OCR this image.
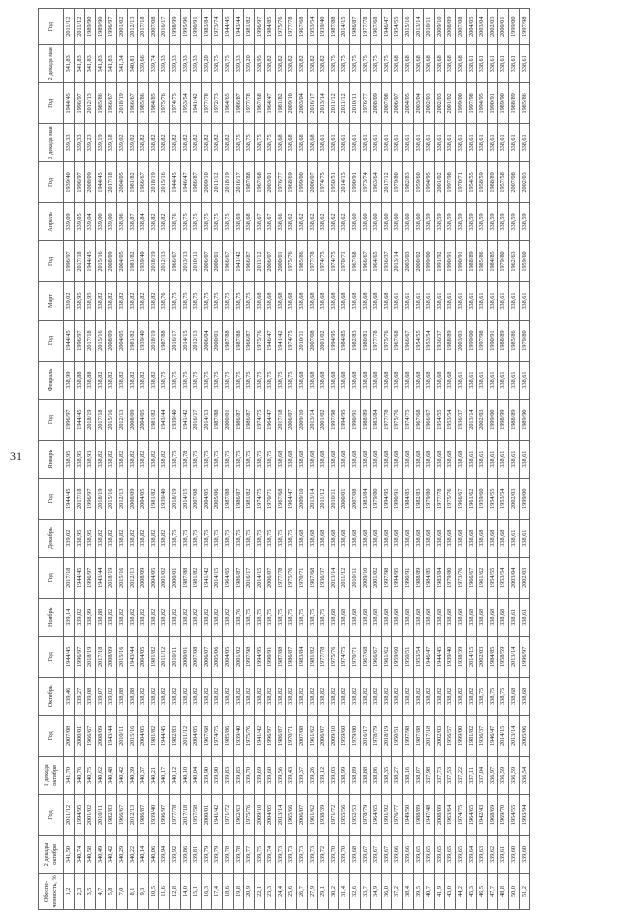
31
Обеспе-ченность, %	2 декады октября	Год	1 декада октября	Год	Октябрь	Год	Ноябрь	Год	Декабрь	Год	Январь	Год	Февраль	Год	Март	Год	Апрель	Год	1 декада мая	Год	2 декада мая	Год
1,2	341,50	2011/12	341,70	2007/08	339,46	1944/45	339,14	2017/18	339,02	1944/45	338,95	1996/97	338,99	1944/45	339,02	1996/97	339,09	1939/40	339,33	1944/45	341,83	2011/12
2,3	340,74	1994/95	340,76	2000/01	339,27	1996/97	339,02	1944/45	338,95	2017/18	338,95	1944/45	338,88	1996/97	338,95	2017/18	339,05	1996/97	339,33	1996/97	341,83	2011/12
3,5	340,58	2001/02	340,75	1966/67	339,08	2018/19	338,99	1996/97	338,95	1996/97	338,93	2018/19	338,88	2017/18	338,95	1944/45	339,04	2008/09	339,23	2012/13	341,83	1989/90
4,7	340,49	2010/11	340,62	2008/09	339,07	2017/18	338,88	1943/44	338,82	2018/19	338,82	2017/18	338,82	2015/16	338,82	2015/16	339,00	1944/45	339,19	1985/86	341,83	1989/90
5,8	340,42	1982/83	340,48	1943/44	339,02	2008/09	338,82	2018/19	338,82	2015/16	338,82	2015/16	338,82	2008/09	338,82	2008/09	339,00	2017/18	339,18	1966/67	341,83	1996/97
7,0	340,29	1966/67	340,42	2010/11	338,88	2015/16	338,82	2015/16	338,82	2012/13	338,82	2012/13	338,82	2004/05	338,82	2004/05	338,96	2004/05	339,02	2018/19	341,34	2001/02
8,1	340,22	2012/13	340,39	2015/16	338,88	1943/44	338,82	2012/13	338,82	2008/09	338,82	2008/09	338,82	1981/82	338,82	1981/82	338,87	1981/82	339,02	1966/67	340,81	2012/13
9,3	340,14	1986/87	340,37	2004/05	338,82	2004/05	338,82	2008/09	338,82	2004/05	338,82	2004/05	338,82	1939/40	338,82	1939/40	338,84	1966/67	338,82	1985/86	339,66	2017/18
10,5	340,06	1939/40	340,21	1981/82	338,82	1981/82	338,82	2004/05	338,82	1981/82	338,82	1981/82	338,82	2018/19	338,82	2018/19	338,82	2018/19	338,82	1984/85	339,74	2007/08
11,6	339,94	1996/97	340,17	1944/45	338,82	2011/12	338,82	2001/02	338,82	1939/40	338,82	1943/44	338,75	1987/88	338,76	2012/13	338,82	2015/16	338,82	1975/76	339,33	2016/17
12,8	339,92	1977/78	340,12	1982/83	338,82	2010/11	338,82	2000/01	338,75	2018/19	338,75	1939/40	338,75	2016/17	338,75	1966/67	338,76	1944/45	338,82	1974/75	339,33	1998/99
14,0	339,86	2017/18	340,10	2011/12	338,82	2000/01	338,82	1987/88	338,75	2014/15	338,78	1941/42	338,75	2014/15	338,75	2013/13	338,75	1946/47	338,82	1953/54	339,33	1995/96
15,1	339,81	1957/58	340,04	2004/05	338,82	2007/08	338,82	1981/82	338,75	2007/08	338,75	2016/17	338,75	2012/13	338,75	2010/11	338,75	1986/87	338,82	1941/42	339,33	1990/91
16,3	339,79	2000/01	339,90	1967/68	338,82	2006/07	338,82	1941/42	338,75	2004/05	338,75	2014/13	338,75	2006/04	338,75	2006/07	338,75	2009/10	338,82	1977/78	339,20	1983/84
17,4	339,79	1941/42	339,90	1974/75	338,82	2005/06	338,82	2014/15	338,75	2005/06	338,75	1987/88	338,75	2000/01	338,75	2000/01	338,75	2011/12	338,82	1972/73	338,75	1973/74
18,6	339,78	1971/72	339,83	1985/86	338,82	2004/05	338,82	1964/65	338,75	1987/88	338,75	2000/01	338,75	1987/88	338,75	1966/67	338,75	2018/19	338,82	1964/65	338,75	1944/45
19,8	339,78	1962/63	339,83	1939/40	338,82	2001/02	338,76	1986/87	338,75	1986/87	338,75	1986/87	338,75	1987/88	338,75	1941/42	338,69	2016/17	338,75	1986/87	339,33	1943/44
20,9	339,77	1975/76	339,70	1975/76	338,82	1997/98	338,75	2016/17	338,75	1981/82	338,75	1986/87	338,75	1966/87	338,75	1966/87	338,68	1987/88	338,75	1977/78	339,20	1981/82
22,1	339,75	2009/10	339,69	1941/42	338,82	1994/95	338,75	2014/15	338,75	1974/75	338,75	1974/75	338,75	1975/76	338,68	2011/12	338,67	1967/68	338,75	1967/68	338,95	1996/97
23,3	339,74	2004/05	339,60	1996/97	338,82	1990/91	338,75	2006/07	338,75	1970/71	338,75	1964/47	338,75	1946/47	338,68	2006/07	338,67	2003/01	338,75	1964/47	338,82	1984/85
24,4	339,73	2013/14	339,56	1986/87	338,82	1987/88	338,75	1977/78	338,75	1967/68	338,68	2017/18	338,75	1941/42	338,68	2000/01	338,66	1976/77	338,68	1981/82	338,82	1975/76
25,6	339,73	1965/66	339,43	1970/71	338,82	1986/87	338,75	1975/76	338,75	1964/47	338,68	2006/07	338,75	1974/75	338,68	1975/76	338,62	1968/69	338,68	2009/10	338,82	1977/78
26,7	339,73	2006/07	339,37	2007/08	338,82	1983/84	338,75	1970/71	338,68	2009/10	338,68	2009/10	338,68	2010/11	338,68	1985/86	338,62	1999/00	338,68	2003/04	338,82	1967/68
27,9	339,73	1961/62	339,26	1961/62	338,82	1981/82	338,75	1967/68	338,68	2013/14	338,68	2013/14	338,68	2007/08	338,68	1977/78	338,62	2006/07	338,68	2016/17	338,82	1953/54
29,1	339,72	1938/39	339,12	2006/07	338,82	1977/78	338,75	1936/37	338,68	2011/12	338,68	2001/02	338,68	2001/02	338,68	1974/75	338,62	1974/75	338,61	2013/14	338,82	1939/40
30,2	339,70	1971/72	339,03	2009/10	338,82	1975/76	338,68	2013/14	338,68	2010/11	338,68	1997/98	338,68	1994/95	338,68	1974/75	338,62	1950/51	338,61	2011/12	338,75	1987/88
31,4	339,70	1955/56	338,99	1959/60	338,82	1974/75	338,68	2011/12	338,68	2000/01	338,68	1994/95	338,68	1984/85	338,68	1970/71	338,62	2014/15	338,61	2011/12	338,75	2014/15
32,6	339,68	1952/53	338,89	1979/80	338,82	1970/71	338,68	2010/11	338,68	2007/08	338,68	1990/91	338,68	1982/83	338,68	1967/68	338,60	1990/91	338,61	2010/11	338,75	1986/87
33,7	339,67	1978/79	338,88	2016/17	338,82	1967/68	338,68	2009/10	338,68	1983/84	338,68	1988/89	338,68	1980/81	338,68	1966/67	338,60	1973/74	338,61	1976/77	338,75	1977/78
34,9	339,67	1964/65	338,86	1978/79	338,82	1966/67	338,68	2001/02	338,68	1979/80	338,68	1983/84	338,68	1977/78	338,68	1964/65	338,60	1963/64	338,61	2008/09	338,75	1967/68
36,0	339,67	1991/92	338,35	2018/19	338,82	1961/62	338,68	1997/98	338,68	1994/95	338,68	1977/78	338,68	1975/76	338,68	1936/37	338,60	2017/12	338,61	2007/08	338,75	1946/47
37,2	339,66	1976/77	338,27	1950/51	338,82	1959/60	338,68	1994/95	338,68	1990/91	338,68	1975/76	338,68	1967/68	338,61	2013/14	338,60	1979/80	338,61	2006/07	338,68	1954/55
38,4	339,66	1949/50	338,16	1997/98	338,82	1950/51	338,68	1990/91	338,68	1984/85	338,68	1974/75	338,68	1966/67	338,61	2003/03	338,60	1982/83	338,61	2004/05	338,68	2015/16
39,5	339,65	1988/89	338,07	1987/88	338,82	1953/54	338,68	1988/89	338,68	1982/83	338,68	1967/68	338,68	1954/55	338,61	2000/02	338,60	1959/60	338,61	2003/04	338,68	2013/14
40,7	339,65	1947/48	337,98	2017/18	338,82	1946/47	338,68	1984/85	338,68	1979/80	338,68	1966/67	338,68	1953/54	338,61	1999/00	338,59	1994/95	338,61	2002/03	338,68	2010/11
41,9	339,65	2008/09	337,73	2002/03	338,82	1944/45	338,68	1983/84	338,68	1977/78	338,68	1954/55	338,68	1936/37	338,61	1991/92	338,59	2001/02	338,61	2002/03	338,68	2009/10
43,0	339,65	1963/64	337,53	1956/57	338,82	1939/40	338,68	1979/80	338,68	1975/76	338,68	1953/54	338,68	1988/89	338,61	1990/91	338,59	1997/98	338,61	2001/02	338,68	2008/09
44,2	339,65	1974/75	337,22	1999/00	338,82	1938/39	338,68	1973/76	338,68	1966/67	338,68	1936/37	338,61	2003/03	338,61	1990/91	338,59	1970/71	338,61	1999/00	338,68	2007/08
45,3	339,64	1964/65	337,11	1981/82	338,82	2014/15	338,68	1966/67	338,68	1961/62	338,61	2013/14	338,61	1999/00	338,61	1988/89	338,59	1954/55	338,61	1997/98	338,61	2004/05
46,5	339,63	1942/43	337,04	1936/37	338,75	2002/03	338,68	1961/62	338,68	1959/60	338,61	2002/03	338,61	1997/98	338,61	1985/86	338,59	1958/59	338,61	1994/95	338,61	2003/04
47,7	339,62	1968/69	336,97	1946/47	338,75	1984/85	338,68	1954/55	338,68	1954/55	338,61	1999/00	338,61	1990/91	338,61	1984/85	338,59	1988/89	338,61	1990/91	338,61	2002/03
48,8	339,61	1969/70	336,59	2014/15	338,75	1958/59	338,68	1953/54	338,68	1953/54	338,61	1998/99	338,61	1988/89	338,61	1979/80	338,59	1957/58	338,61	1989/90	338,61	2000/01
50,0	339,60	1954/55	336,59	2013/14	338,68	2013/14	338,61	2003/04	338,61	2002/03	338,61	1988/89	338,61	1985/86	338,61	1962/63	338,59	2007/08	338,61	1988/89	338,61	1999/00
51,2	339,60	1993/94	336,54	2005/06	338,68	1996/97	338,61	2002/03	338,61	1999/00	338,61	1989/90	338,61	1979/80	338,61	1959/60	338,59	2002/03	338,61	1985/86	338,61	1997/98
